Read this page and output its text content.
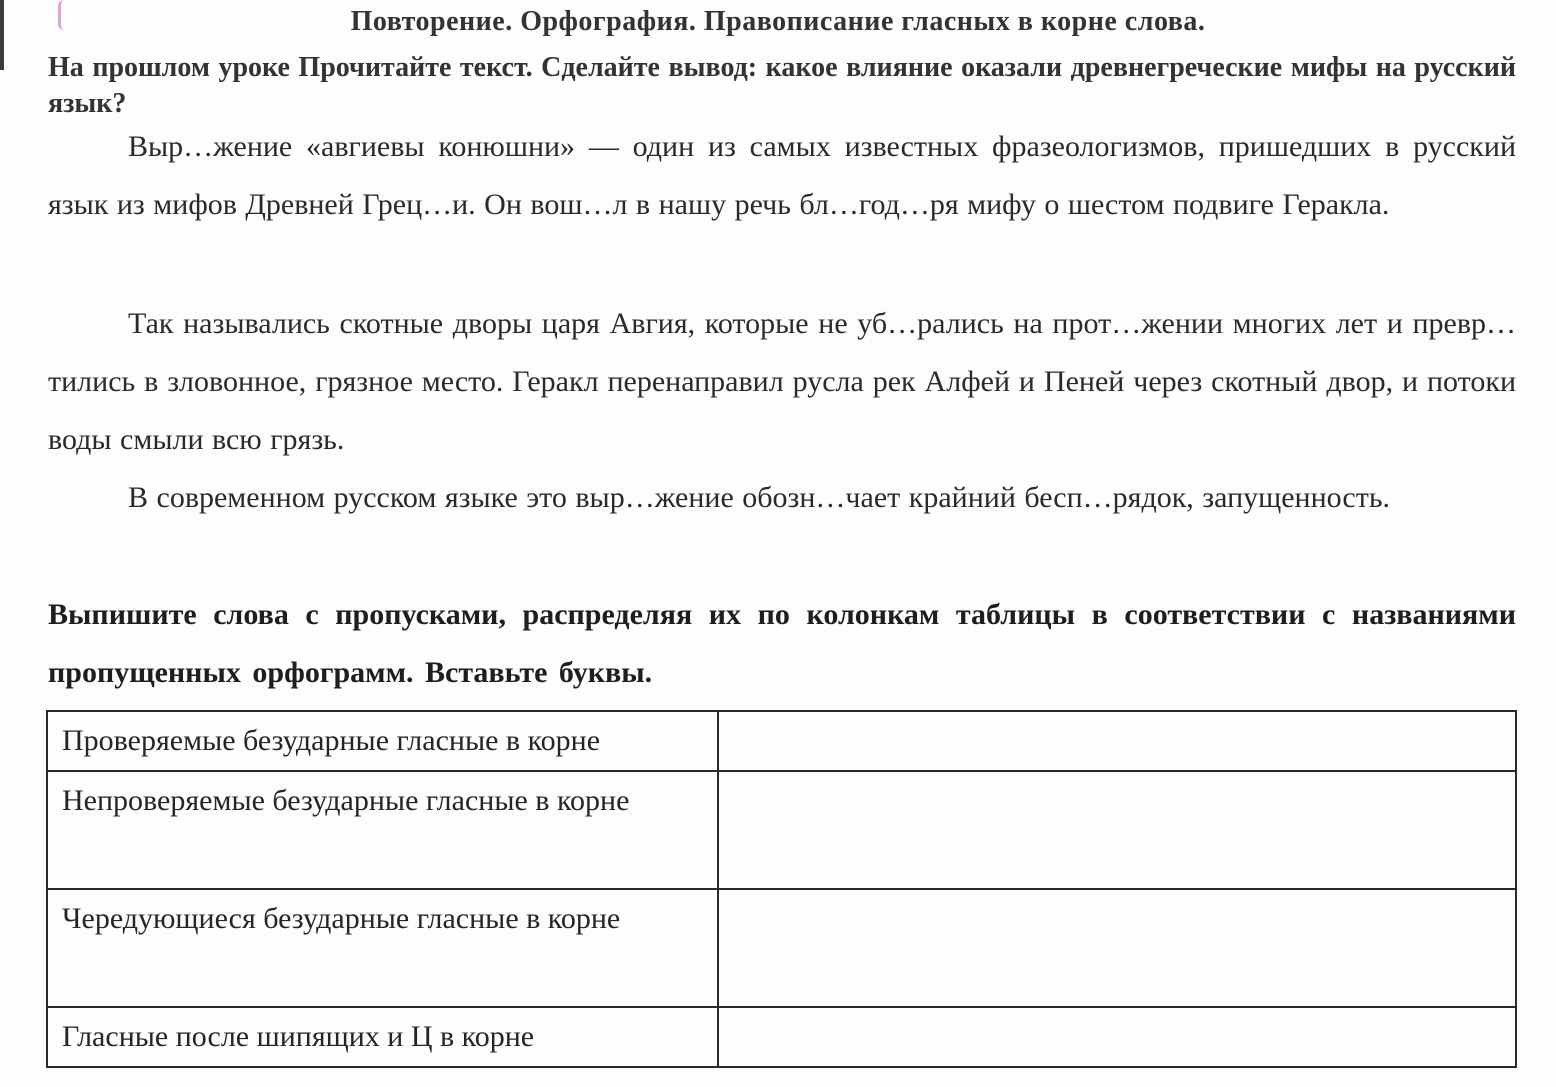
Повторение. Орфография. Правописание гласных в корне слова.
На прошлом уроке Прочитайте текст. Сделайте вывод: какое влияние оказали древнегреческие мифы на русский язык?
Выр…жение «авгиевы конюшни» — один из самых известных фразеологизмов, пришедших в русский язык из мифов Древней Грец…и. Он вош…л в нашу речь бл…год…ря мифу о шестом подвиге Геракла.
Так назывались скотные дворы царя Авгия, которые не уб…рались на прот…жении многих лет и превр…тились в зловонное, грязное место. Геракл перенаправил русла рек Алфей и Пеней через скотный двор, и потоки воды смыли всю грязь.
В современном русском языке это выр…жение обозн…чает крайний бесп…рядок, запущенность.
Выпишите слова с пропусками, распределяя их по колонкам таблицы в соответствии с названиями пропущенных орфограмм. Вставьте буквы.
Проверяемые безударные гласные в корне	
Непроверяемые безударные гласные в корне	
Чередующиеся безударные гласные в корне	
Гласные после шипящих и Ц в корне	
